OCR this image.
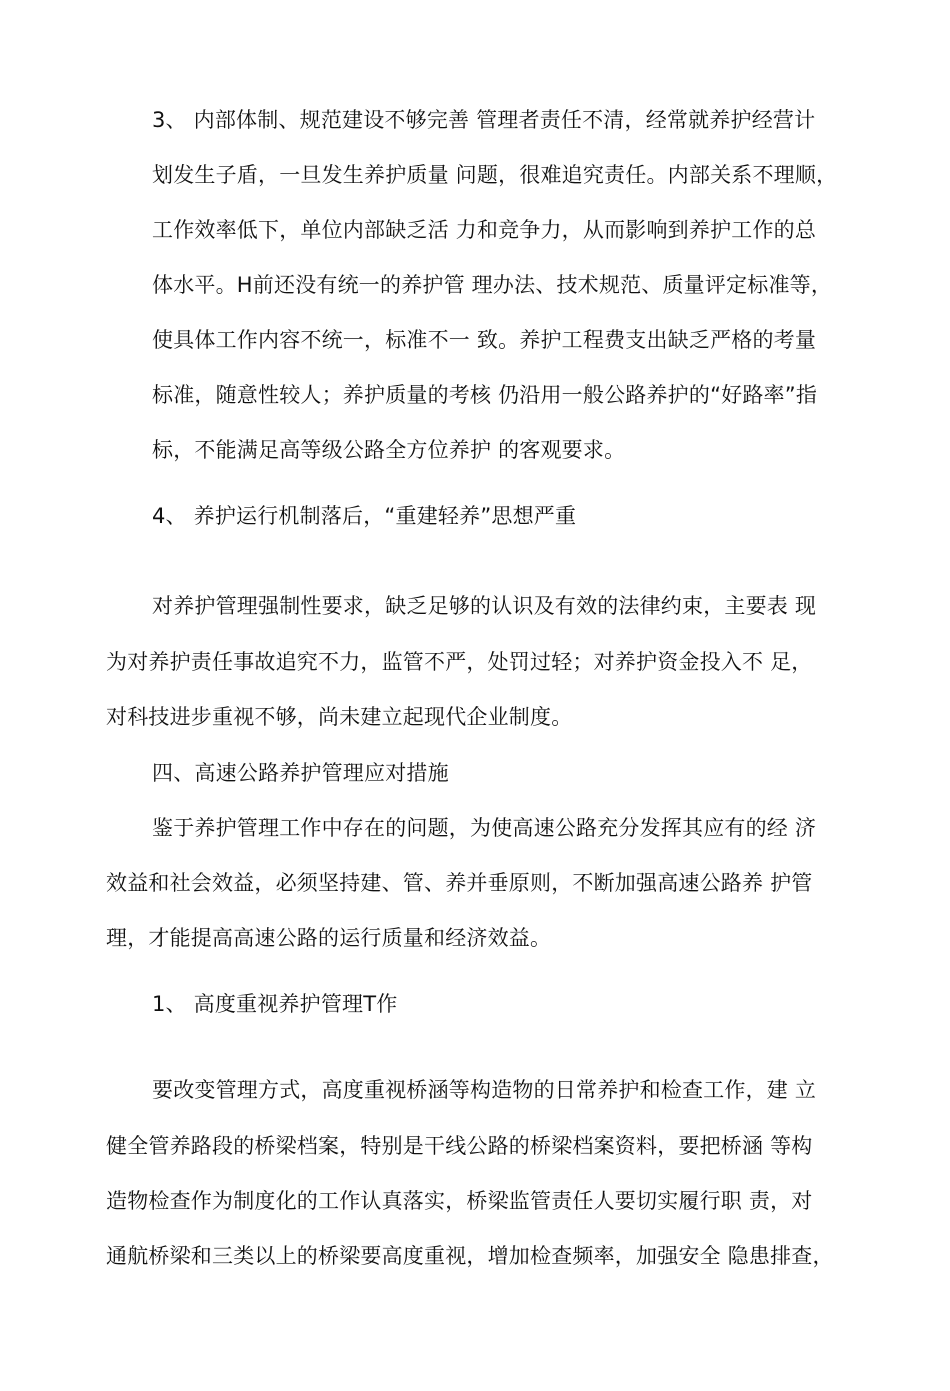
3、 内部体制、规范建设不够完善 管理者责任不清，经常就养护经营计
划发生子盾，一旦发生养护质量 问题，很难追究责任。内部关系不理顺，
工作效率低下，单位内部缺乏活 力和竞争力，从而影响到养护工作的总
体水平。H前还没有统一的养护管 理办法、技术规范、质量评定标准等，
使具体工作内容不统一，标准不一 致。养护工程费支出缺乏严格的考量
标准，随意性较人；养护质量的考核 仍沿用一般公路养护的“好路率”指
标，不能满足高等级公路全方位养护 的客观要求。
4、 养护运行机制落后，“重建轻养”思想严重
对养护管理强制性要求，缺乏足够的认识及有效的法律约束，主要表 现
为对养护责任事故追究不力，监管不严，处罚过轻；对养护资金投入不 足，
对科技进步重视不够，尚未建立起现代企业制度。
四、高速公路养护管理应对措施
鉴于养护管理工作中存在的问题，为使高速公路充分发挥其应有的经 济
效益和社会效益，必须坚持建、管、养并垂原则，不断加强高速公路养 护管
理，才能提高高速公路的运行质量和经济效益。
1、 高度重视养护管理T作
要改变管理方式，高度重视桥涵等构造物的日常养护和检查工作，建 立
健全管养路段的桥梁档案，特别是干线公路的桥梁档案资料，要把桥涵 等构
造物检查作为制度化的工作认真落实，桥梁监管责任人要切实履行职 责，对
通航桥梁和三类以上的桥梁要高度重视，增加检查频率，加强安全 隐患排查，
